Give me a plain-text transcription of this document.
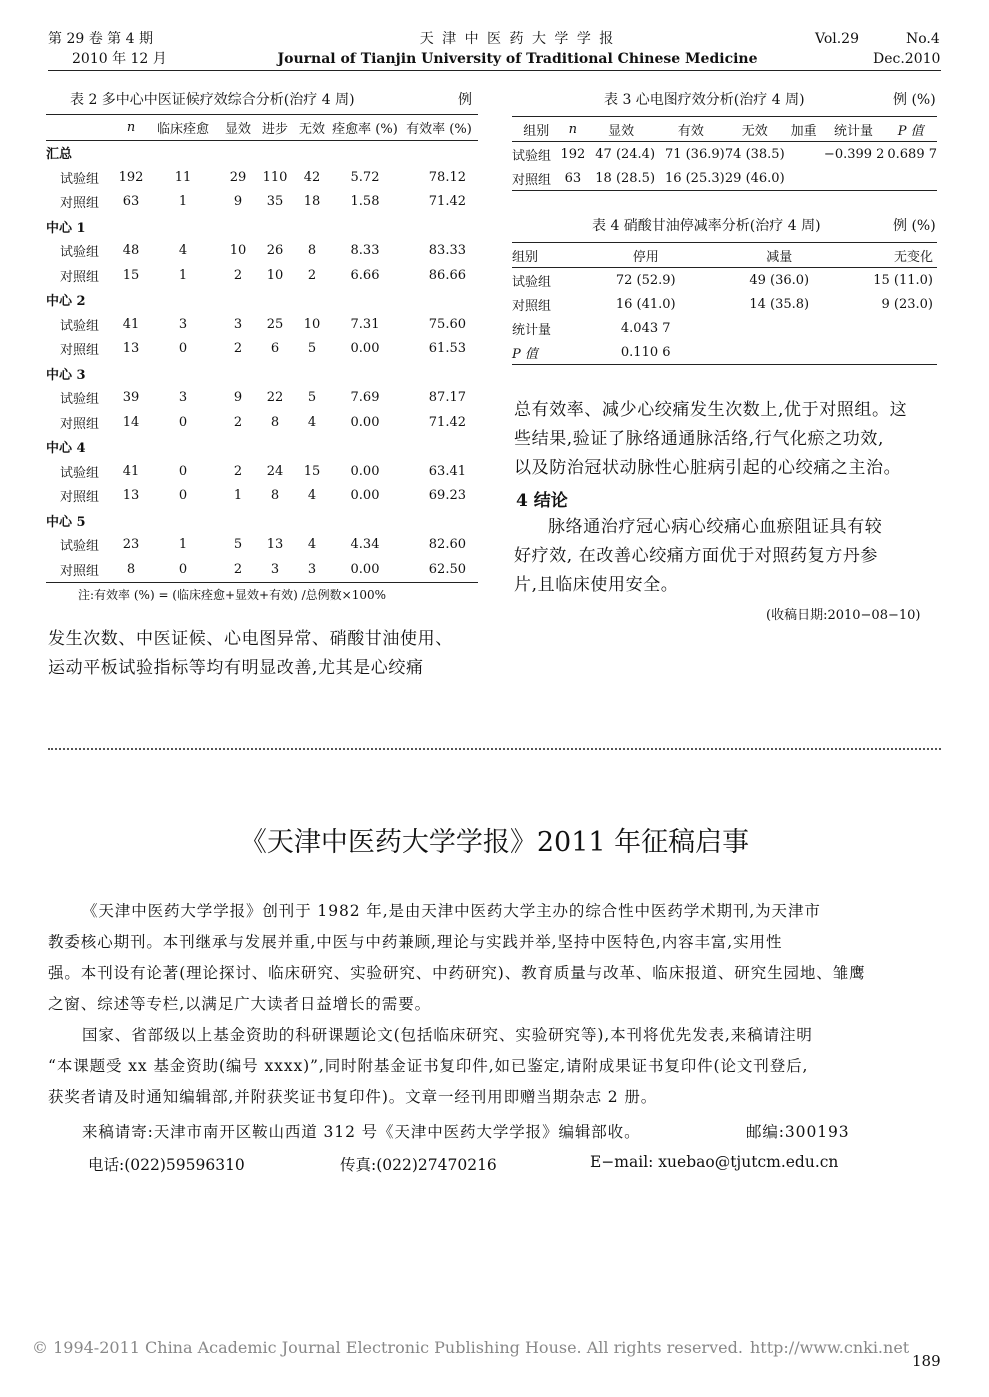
第 29 卷 第 4 期
2010 年 12 月
天 津 中 医 药 大 学 学 报
Journal of Tianjin University of Traditional Chinese Medicine
Vol.29	No.4
Dec.2010
表 2 多中心中医证候疗效综合分析(治疗 4 周)	例
	n	临床痊愈	显效	进步	无效	痊愈率 (%)	有效率 (%)
汇总							
试验组	192	11	29	110	42	5.72	78.12
对照组	63	1	9	35	18	1.58	71.42
中心 1							
试验组	48	4	10	26	8	8.33	83.33
对照组	15	1	2	10	2	6.66	86.66
中心 2							
试验组	41	3	3	25	10	7.31	75.60
对照组	13	0	2	6	5	0.00	61.53
中心 3							
试验组	39	3	9	22	5	7.69	87.17
对照组	14	0	2	8	4	0.00	71.42
中心 4							
试验组	41	0	2	24	15	0.00	63.41
对照组	13	0	1	8	4	0.00	69.23
中心 5							
试验组	23	1	5	13	4	4.34	82.60
对照组	8	0	2	3	3	0.00	62.50
注:有效率 (%) = (临床痊愈+显效+有效) /总例数×100%
发生次数、中医证候、心电图异常、硝酸甘油使用、
运动平板试验指标等均有明显改善,尤其是心绞痛
表 3 心电图疗效分析(治疗 4 周)	例 (%)
组别	n	显效	有效	无效	加重	统计量	P 值
试验组	192	47 (24.4)	71 (36.9)	74 (38.5)		−0.399 2	0.689 7
对照组	63	18 (28.5)	16 (25.3)	29 (46.0)			
表 4 硝酸甘油停减率分析(治疗 4 周)	例 (%)
组别	停用	减量	无变化
试验组	72 (52.9)	49 (36.0)	15 (11.0)
对照组	16 (41.0)	14 (35.8)	9 (23.0)
统计量	4.043 7		
P 值	0.110 6		
总有效率、减少心绞痛发生次数上,优于对照组。这
些结果,验证了脉络通通脉活络,行气化瘀之功效,
以及防治冠状动脉性心脏病引起的心绞痛之主治。
4 结论
脉络通治疗冠心病心绞痛心血瘀阻证具有较
好疗效, 在改善心绞痛方面优于对照药复方丹参
片,且临床使用安全。
(收稿日期:2010−08−10)
《天津中医药大学学报》2011 年征稿启事
《天津中医药大学学报》创刊于 1982 年,是由天津中医药大学主办的综合性中医药学术期刊,为天津市
教委核心期刊。本刊继承与发展并重,中医与中药兼顾,理论与实践并举,坚持中医特色,内容丰富,实用性
强。本刊设有论著(理论探讨、临床研究、实验研究、中药研究)、教育质量与改革、临床报道、研究生园地、雏鹰
之窗、综述等专栏,以满足广大读者日益增长的需要。
国家、省部级以上基金资助的科研课题论文(包括临床研究、实验研究等),本刊将优先发表,来稿请注明
“本课题受 xx 基金资助(编号 xxxx)”,同时附基金证书复印件,如已鉴定,请附成果证书复印件(论文刊登后,
获奖者请及时通知编辑部,并附获奖证书复印件)。文章一经刊用即赠当期杂志 2 册。
来稿请寄:天津市南开区鞍山西道 312 号《天津中医药大学学报》编辑部收。	邮编:300193
电话:(022)59596310	传真:(022)27470216	E−mail: xuebao@tjutcm.edu.cn
© 1994-2011 China Academic Journal Electronic Publishing House. All rights reserved. http://www.cnki.net
189
